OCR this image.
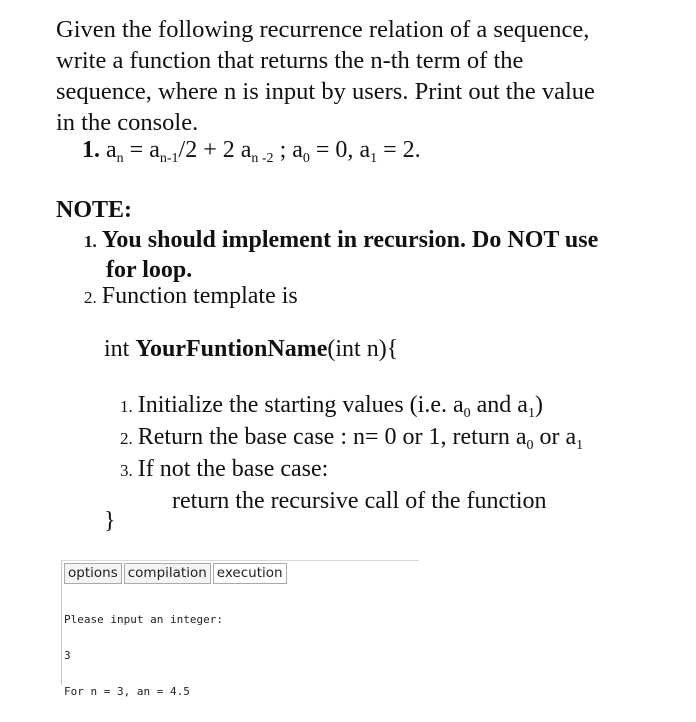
Given the following recurrence relation of a sequence,
write a function that returns the n-th term of the
sequence, where n is input by users. Print out the value
in the console.
1. $a_n = a_{n-1}/2 + 2$ $a_{n -2}$ ; $a_0 = 0$, $a_1 = 2$.
NOTE:
1. You should implement in recursion. Do NOT use
for loop.
2. Function template is
int YourFuntionName(int n){
1. Initialize the starting values (i.e. $a_0$ and $a_1$)
2. Return the base case : n= 0 or 1, return $a_0$ or $a_1$
3. If not the base case:
return the recursive call of the function
}
options compilation execution

Please input an integer:

3

For n = 3, an = 4.5
